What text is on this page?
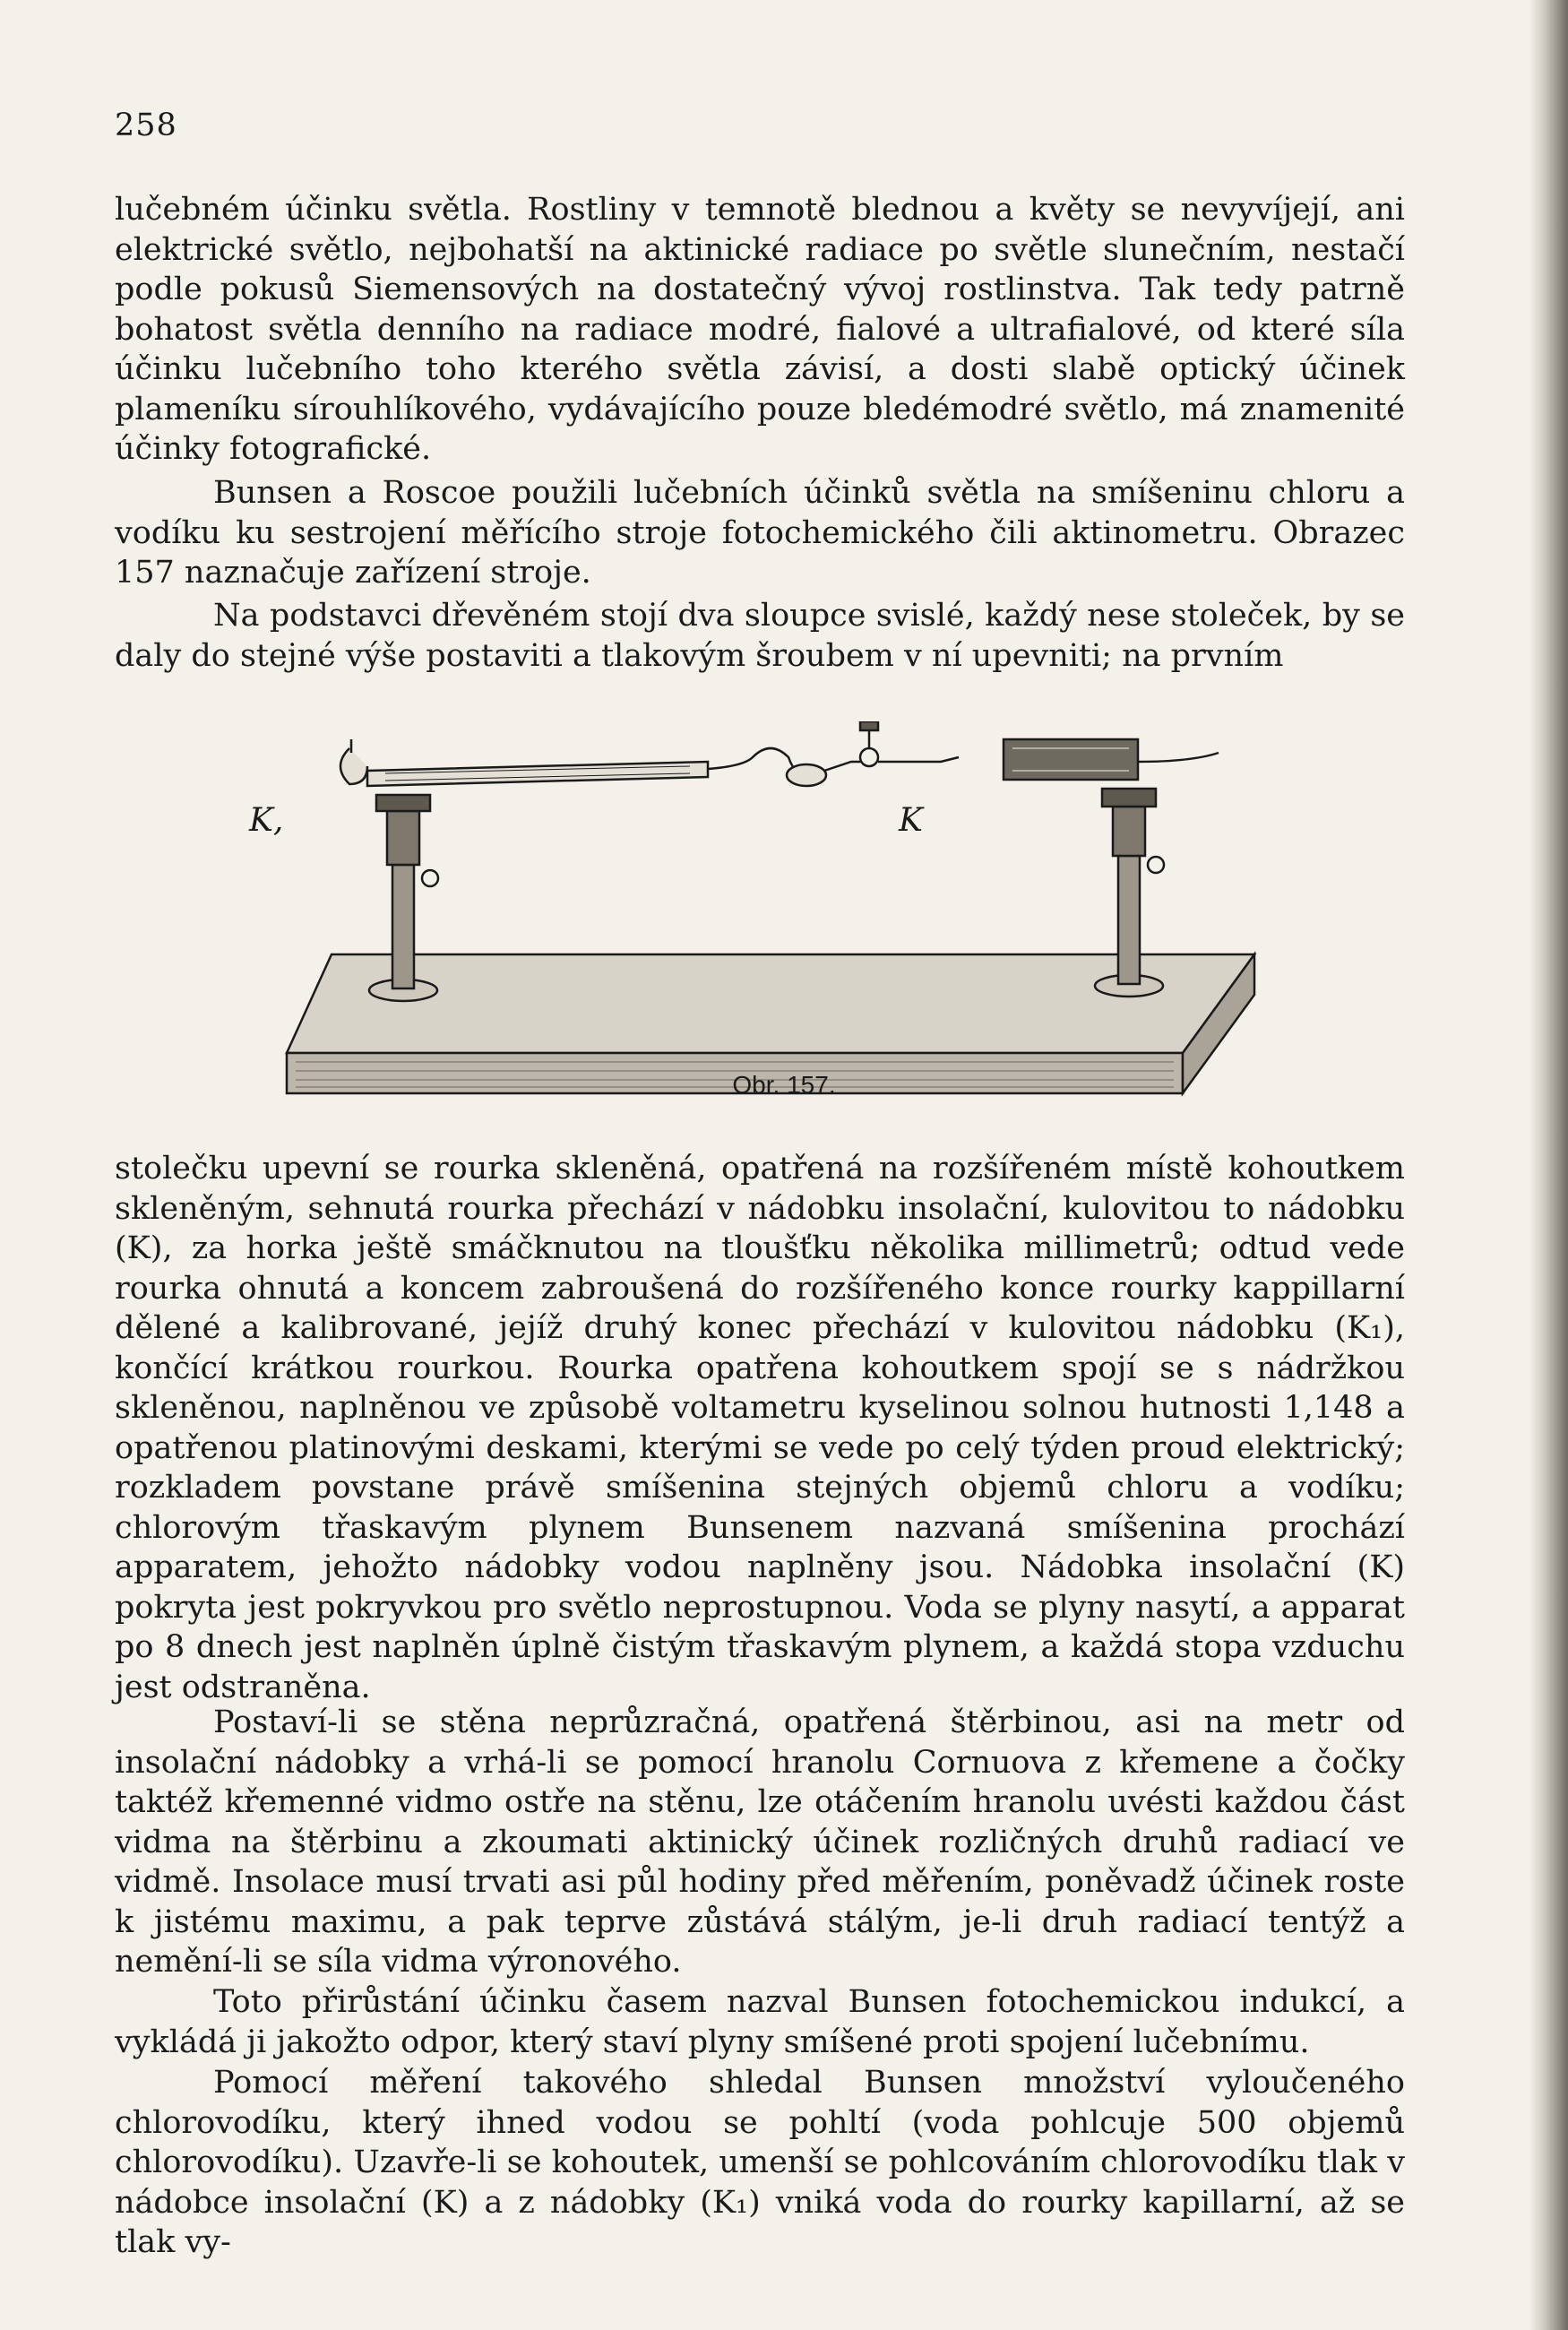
258

lučebném účinku světla. Rostliny v temnotě blednou a květy se nevyvíjejí, ani elektrické světlo, nejbohatší na aktinické radiace po světle slunečním, nestačí podle pokusů Siemensových na dostatečný vývoj rostlinstva. Tak tedy patrně bohatost světla denního na radiace modré, fialové a ultrafialové, od které síla účinku lučebního toho kterého světla závisí, a dosti slabě optický účinek plameníku sírouhlíkového, vydávajícího pouze bledémodré světlo, má znamenité účinky fotografické.

Bunsen a Roscoe použili lučebních účinků světla na smíšeninu chloru a vodíku ku sestrojení měřícího stroje fotochemického čili aktinometru. Obrazec 157 naznačuje zařízení stroje.

Na podstavci dřevěném stojí dva sloupce svislé, každý nese stoleček, by se daly do stejné výše postaviti a tlakovým šroubem v ní upevniti; na prvním

K,	K
Obr. 157.

stolečku upevní se rourka skleněná, opatřená na rozšířeném místě kohoutkem skleněným, sehnutá rourka přechází v nádobku insolační, kulovitou to nádobku (K), za horka ještě smáčknutou na tloušťku několika millimetrů; odtud vede rourka ohnutá a koncem zabroušená do rozšířeného konce rourky kappillarní dělené a kalibrované, jejíž druhý konec přechází v kulovitou nádobku (K₁), končící krátkou rourkou. Rourka opatřena kohoutkem spojí se s nádržkou skleněnou, naplněnou ve způsobě voltametru kyselinou solnou hutnosti 1,148 a opatřenou platinovými deskami, kterými se vede po celý týden proud elektrický; rozkladem povstane právě smíšenina stejných objemů chloru a vodíku; chlorovým třaskavým plynem Bunsenem nazvaná smíšenina prochází apparatem, jehožto nádobky vodou naplněny jsou. Nádobka insolační (K) pokryta jest pokryvkou pro světlo neprostupnou. Voda se plyny nasytí, a apparat po 8 dnech jest naplněn úplně čistým třaskavým plynem, a každá stopa vzduchu jest odstraněna.

Postaví-li se stěna neprůzračná, opatřená štěrbinou, asi na metr od insolační nádobky a vrhá-li se pomocí hranolu Cornuova z křemene a čočky taktéž křemenné vidmo ostře na stěnu, lze otáčením hranolu uvésti každou část vidma na štěrbinu a zkoumati aktinický účinek rozličných druhů radiací ve vidmě. Insolace musí trvati asi půl hodiny před měřením, poněvadž účinek roste k jistému maximu, a pak teprve zůstává stálým, je-li druh radiací tentýž a nemění-li se síla vidma výronového.

Toto přirůstání účinku časem nazval Bunsen fotochemickou indukcí, a vykládá ji jakožto odpor, který staví plyny smíšené proti spojení lučebnímu.

Pomocí měření takového shledal Bunsen množství vyloučeného chlorovodíku, který ihned vodou se pohltí (voda pohlcuje 500 objemů chlorovodíku). Uzavře-li se kohoutek, umenší se pohlcováním chlorovodíku tlak v nádobce insolační (K) a z nádobky (K₁) vniká voda do rourky kapillarní, až se tlak vy-
